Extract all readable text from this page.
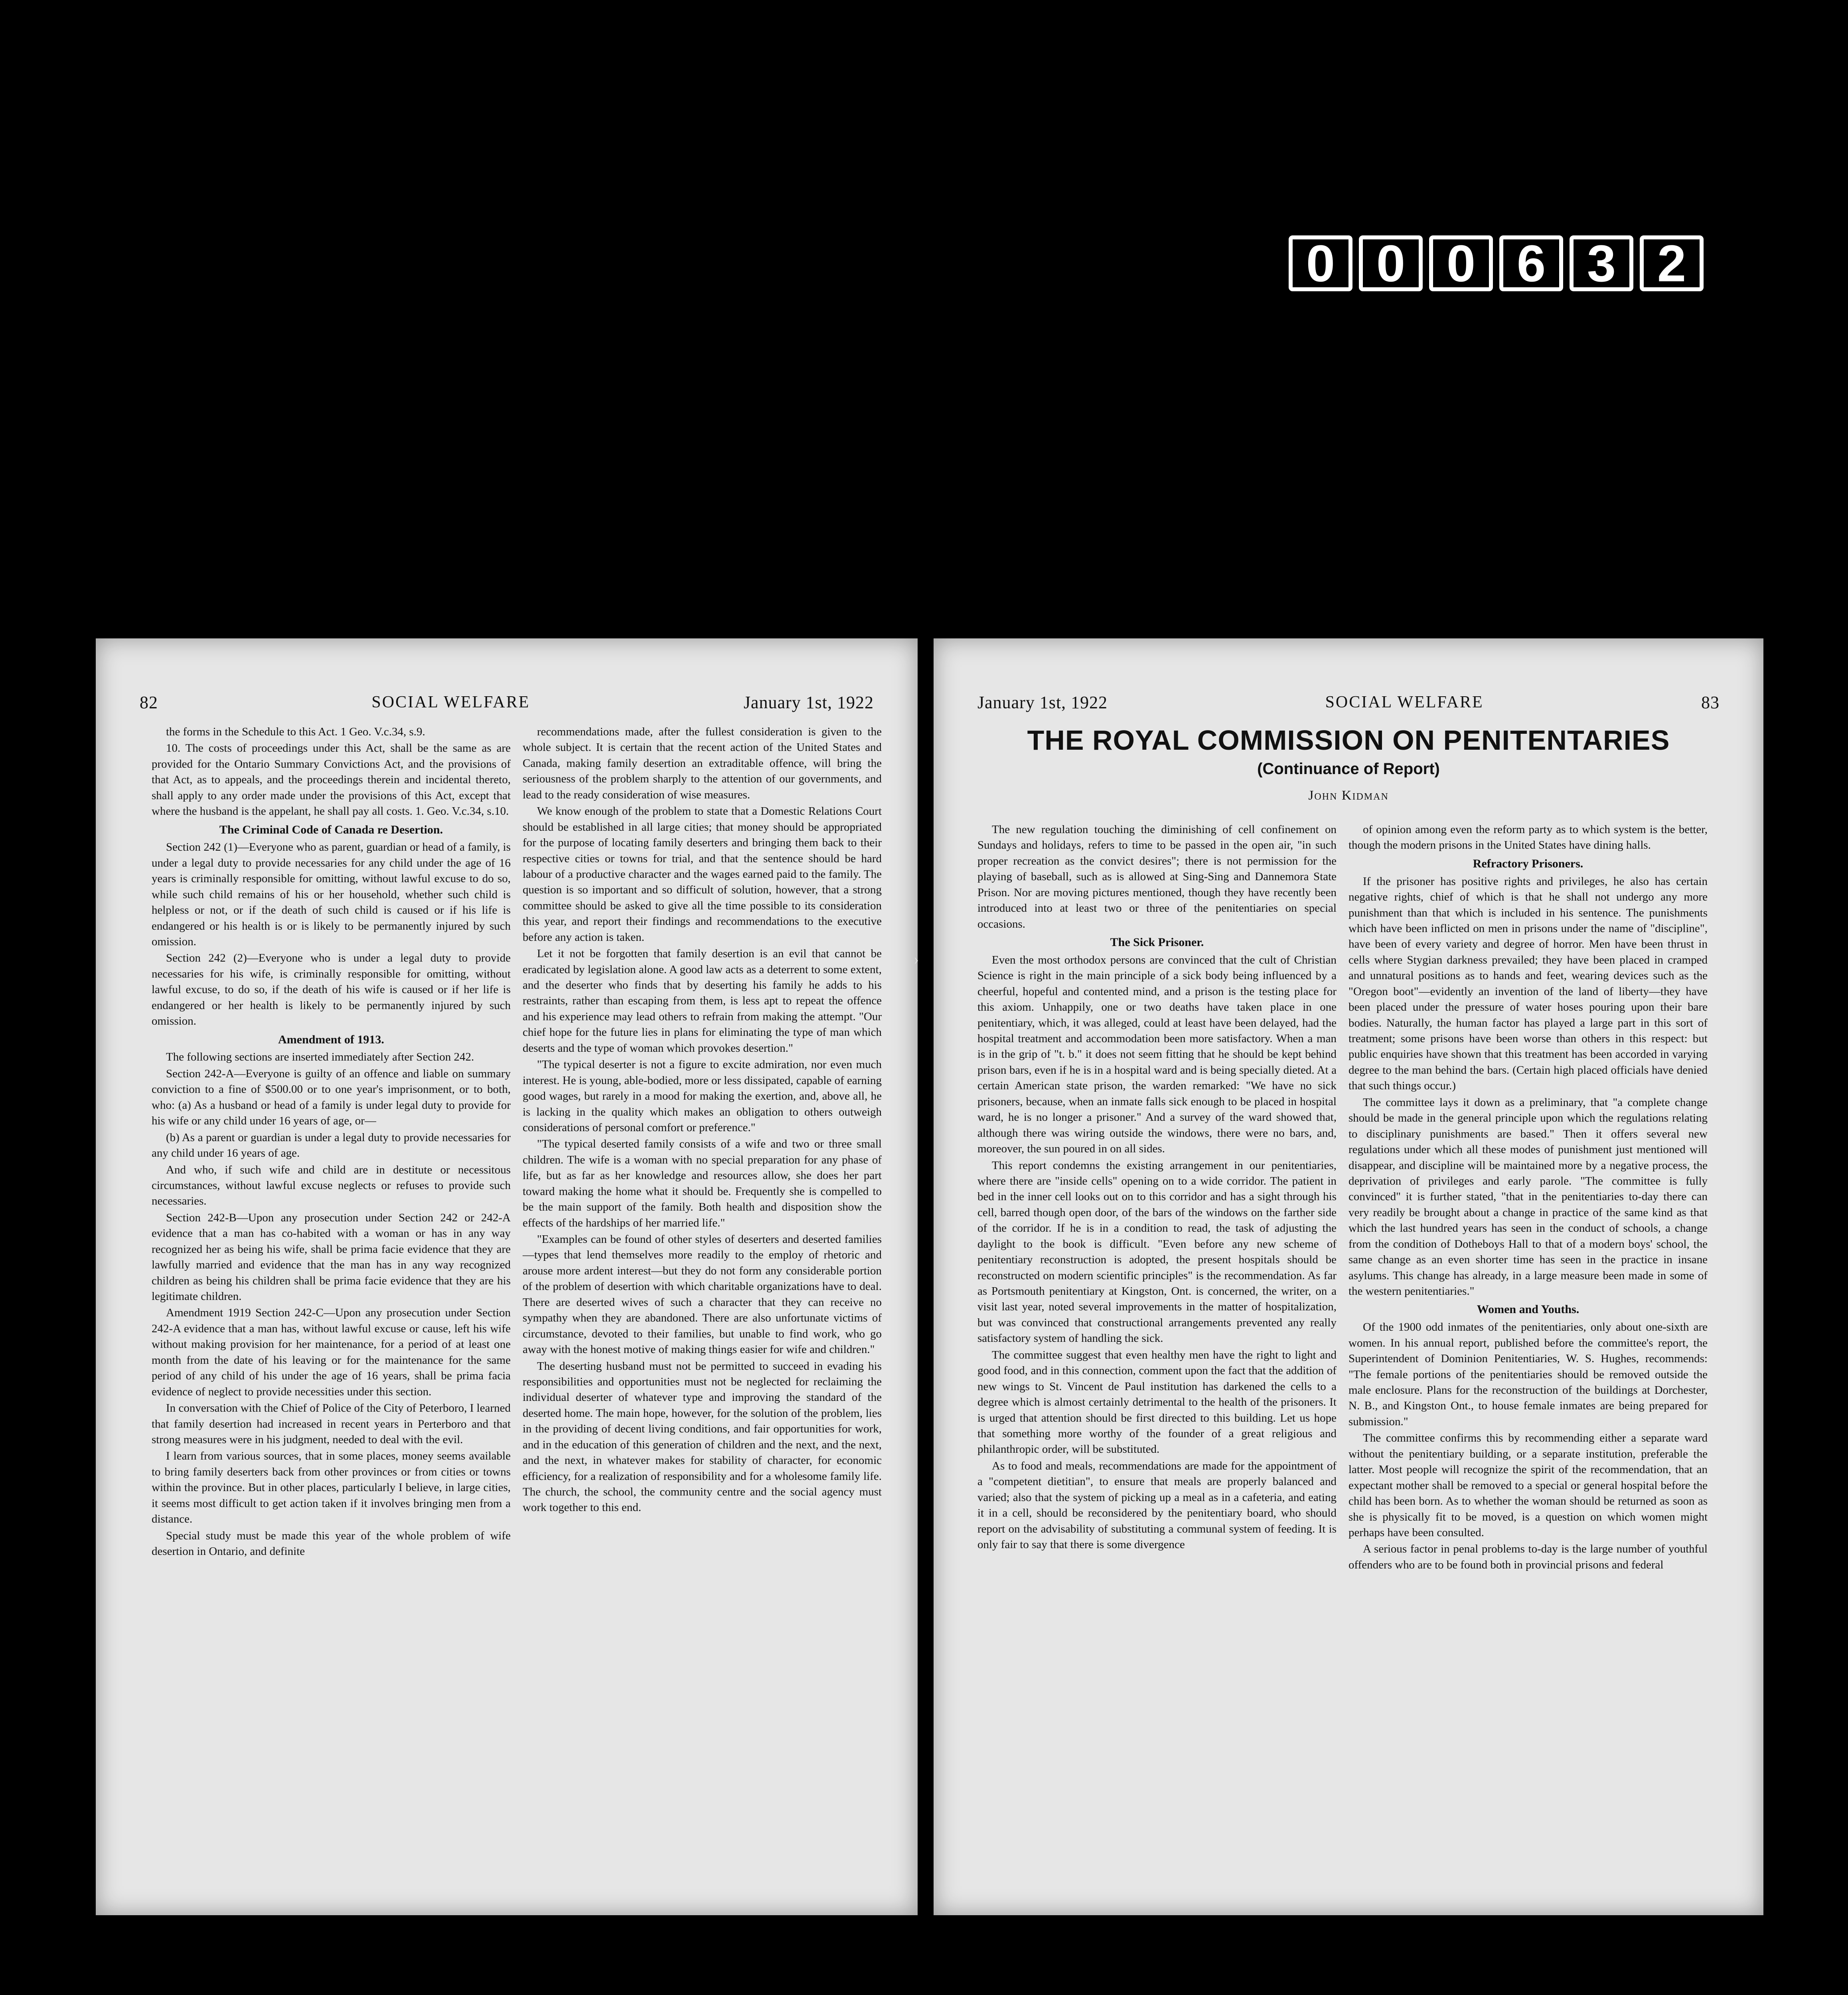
0 0 0 6 3 2
82	SOCIAL WELFARE	January 1st, 1922

the forms in the Schedule to this Act. 1 Geo. V.c.34, s.9.

10. The costs of proceedings under this Act, shall be the same as are provided for the Ontario Summary Convictions Act, and the provisions of that Act, as to appeals, and the proceedings therein and incidental thereto, shall apply to any order made under the provisions of this Act, except that where the husband is the appelant, he shall pay all costs. 1. Geo. V.c.34, s.10.

The Criminal Code of Canada re Desertion.

Section 242 (1)—Everyone who as parent, guardian or head of a family, is under a legal duty to provide necessaries for any child under the age of 16 years is criminally responsible for omitting, without lawful excuse to do so, while such child remains of his or her household, whether such child is helpless or not, or if the death of such child is caused or if his life is endangered or his health is or is likely to be permanently injured by such omission.

Section 242 (2)—Everyone who is under a legal duty to provide necessaries for his wife, is criminally responsible for omitting, without lawful excuse, to do so, if the death of his wife is caused or if her life is endangered or her health is likely to be permanently injured by such omission.

Amendment of 1913.

The following sections are inserted immediately after Section 242.

Section 242-A—Everyone is guilty of an offence and liable on summary conviction to a fine of $500.00 or to one year's imprisonment, or to both, who: (a) As a husband or head of a family is under legal duty to provide for his wife or any child under 16 years of age, or—

(b) As a parent or guardian is under a legal duty to provide necessaries for any child under 16 years of age.

And who, if such wife and child are in destitute or necessitous circumstances, without lawful excuse neglects or refuses to provide such necessaries.

Section 242-B—Upon any prosecution under Section 242 or 242-A evidence that a man has co-habited with a woman or has in any way recognized her as being his wife, shall be prima facie evidence that they are lawfully married and evidence that the man has in any way recognized children as being his children shall be prima facie evidence that they are his legitimate children.

Amendment 1919 Section 242-C—Upon any prosecution under Section 242-A evidence that a man has, without lawful excuse or cause, left his wife without making provision for her maintenance, for a period of at least one month from the date of his leaving or for the maintenance for the same period of any child of his under the age of 16 years, shall be prima facia evidence of neglect to provide necessities under this section.

In conversation with the Chief of Police of the City of Peterboro, I learned that family desertion had increased in recent years in Perterboro and that strong measures were in his judgment, needed to deal with the evil.

I learn from various sources, that in some places, money seems available to bring family deserters back from other provinces or from cities or towns within the province. But in other places, particularly I believe, in large cities, it seems most difficult to get action taken if it involves bringing men from a distance.

Special study must be made this year of the whole problem of wife desertion in Ontario, and definite

recommendations made, after the fullest consideration is given to the whole subject. It is certain that the recent action of the United States and Canada, making family desertion an extraditable offence, will bring the seriousness of the problem sharply to the attention of our governments, and lead to the ready consideration of wise measures.

We know enough of the problem to state that a Domestic Relations Court should be established in all large cities; that money should be appropriated for the purpose of locating family deserters and bringing them back to their respective cities or towns for trial, and that the sentence should be hard labour of a productive character and the wages earned paid to the family. The question is so important and so difficult of solution, however, that a strong committee should be asked to give all the time possible to its consideration this year, and report their findings and recommendations to the executive before any action is taken.

Let it not be forgotten that family desertion is an evil that cannot be eradicated by legislation alone. A good law acts as a deterrent to some extent, and the deserter who finds that by deserting his family he adds to his restraints, rather than escaping from them, is less apt to repeat the offence and his experience may lead others to refrain from making the attempt. "Our chief hope for the future lies in plans for eliminating the type of man which deserts and the type of woman which provokes desertion."

"The typical deserter is not a figure to excite admiration, nor even much interest. He is young, able-bodied, more or less dissipated, capable of earning good wages, but rarely in a mood for making the exertion, and, above all, he is lacking in the quality which makes an obligation to others outweigh considerations of personal comfort or preference."

"The typical deserted family consists of a wife and two or three small children. The wife is a woman with no special preparation for any phase of life, but as far as her knowledge and resources allow, she does her part toward making the home what it should be. Frequently she is compelled to be the main support of the family. Both health and disposition show the effects of the hardships of her married life."

"Examples can be found of other styles of deserters and deserted families—types that lend themselves more readily to the employ of rhetoric and arouse more ardent interest—but they do not form any considerable portion of the problem of desertion with which charitable organizations have to deal. There are deserted wives of such a character that they can receive no sympathy when they are abandoned. There are also unfortunate victims of circumstance, devoted to their families, but unable to find work, who go away with the honest motive of making things easier for wife and children."

The deserting husband must not be permitted to succeed in evading his responsibilities and opportunities must not be neglected for reclaiming the individual deserter of whatever type and improving the standard of the deserted home. The main hope, however, for the solution of the problem, lies in the providing of decent living conditions, and fair opportunities for work, and in the education of this generation of children and the next, and the next, and the next, in whatever makes for stability of character, for economic efficiency, for a realization of responsibility and for a wholesome family life. The church, the school, the community centre and the social agency must work together to this end.

›
January 1st, 1922	SOCIAL WELFARE	83
THE ROYAL COMMISSION ON PENITENTARIES
(Continuance of Report)
John Kidman

The new regulation touching the diminishing of cell confinement on Sundays and holidays, refers to time to be passed in the open air, "in such proper recreation as the convict desires"; there is not permission for the playing of baseball, such as is allowed at Sing-Sing and Dannemora State Prison. Nor are moving pictures mentioned, though they have recently been introduced into at least two or three of the penitentiaries on special occasions.

The Sick Prisoner.

Even the most orthodox persons are convinced that the cult of Christian Science is right in the main principle of a sick body being influenced by a cheerful, hopeful and contented mind, and a prison is the testing place for this axiom. Unhappily, one or two deaths have taken place in one penitentiary, which, it was alleged, could at least have been delayed, had the hospital treatment and accommodation been more satisfactory. When a man is in the grip of "t. b." it does not seem fitting that he should be kept behind prison bars, even if he is in a hospital ward and is being specially dieted. At a certain American state prison, the warden remarked: "We have no sick prisoners, because, when an inmate falls sick enough to be placed in hospital ward, he is no longer a prisoner." And a survey of the ward showed that, although there was wiring outside the windows, there were no bars, and, moreover, the sun poured in on all sides.

This report condemns the existing arrangement in our penitentiaries, where there are "inside cells" opening on to a wide corridor. The patient in bed in the inner cell looks out on to this corridor and has a sight through his cell, barred though open door, of the bars of the windows on the farther side of the corridor. If he is in a condition to read, the task of adjusting the daylight to the book is difficult. "Even before any new scheme of penitentiary reconstruction is adopted, the present hospitals should be reconstructed on modern scientific principles" is the recommendation. As far as Portsmouth penitentiary at Kingston, Ont. is concerned, the writer, on a visit last year, noted several improvements in the matter of hospitalization, but was convinced that constructional arrangements prevented any really satisfactory system of handling the sick.

The committee suggest that even healthy men have the right to light and good food, and in this connection, comment upon the fact that the addition of new wings to St. Vincent de Paul institution has darkened the cells to a degree which is almost certainly detrimental to the health of the prisoners. It is urged that attention should be first directed to this building. Let us hope that something more worthy of the founder of a great religious and philanthropic order, will be substituted.

As to food and meals, recommendations are made for the appointment of a "competent dietitian", to ensure that meals are properly balanced and varied; also that the system of picking up a meal as in a cafeteria, and eating it in a cell, should be reconsidered by the penitentiary board, who should report on the advisability of substituting a communal system of feeding. It is only fair to say that there is some divergence

of opinion among even the reform party as to which system is the better, though the modern prisons in the United States have dining halls.

Refractory Prisoners.

If the prisoner has positive rights and privileges, he also has certain negative rights, chief of which is that he shall not undergo any more punishment than that which is included in his sentence. The punishments which have been inflicted on men in prisons under the name of "discipline", have been of every variety and degree of horror. Men have been thrust in cells where Stygian darkness prevailed; they have been placed in cramped and unnatural positions as to hands and feet, wearing devices such as the "Oregon boot"—evidently an invention of the land of liberty—they have been placed under the pressure of water hoses pouring upon their bare bodies. Naturally, the human factor has played a large part in this sort of treatment; some prisons have been worse than others in this respect: but public enquiries have shown that this treatment has been accorded in varying degree to the man behind the bars. (Certain high placed officials have denied that such things occur.)

The committee lays it down as a preliminary, that "a complete change should be made in the general principle upon which the regulations relating to disciplinary punishments are based." Then it offers several new regulations under which all these modes of punishment just mentioned will disappear, and discipline will be maintained more by a negative process, the deprivation of privileges and early parole. "The committee is fully convinced" it is further stated, "that in the penitentiaries to-day there can very readily be brought about a change in practice of the same kind as that which the last hundred years has seen in the conduct of schools, a change from the condition of Dotheboys Hall to that of a modern boys' school, the same change as an even shorter time has seen in the practice in insane asylums. This change has already, in a large measure been made in some of the western penitentiaries."

Women and Youths.

Of the 1900 odd inmates of the penitentiaries, only about one-sixth are women. In his annual report, published before the committee's report, the Superintendent of Dominion Penitentiaries, W. S. Hughes, recommends: "The female portions of the penitentiaries should be removed outside the male enclosure. Plans for the reconstruction of the buildings at Dorchester, N. B., and Kingston Ont., to house female inmates are being prepared for submission."

The committee confirms this by recommending either a separate ward without the penitentiary building, or a separate institution, preferable the latter. Most people will recognize the spirit of the recommendation, that an expectant mother shall be removed to a special or general hospital before the child has been born. As to whether the woman should be returned as soon as she is physically fit to be moved, is a question on which women might perhaps have been consulted.

A serious factor in penal problems to-day is the large number of youthful offenders who are to be found both in provincial prisons and federal
